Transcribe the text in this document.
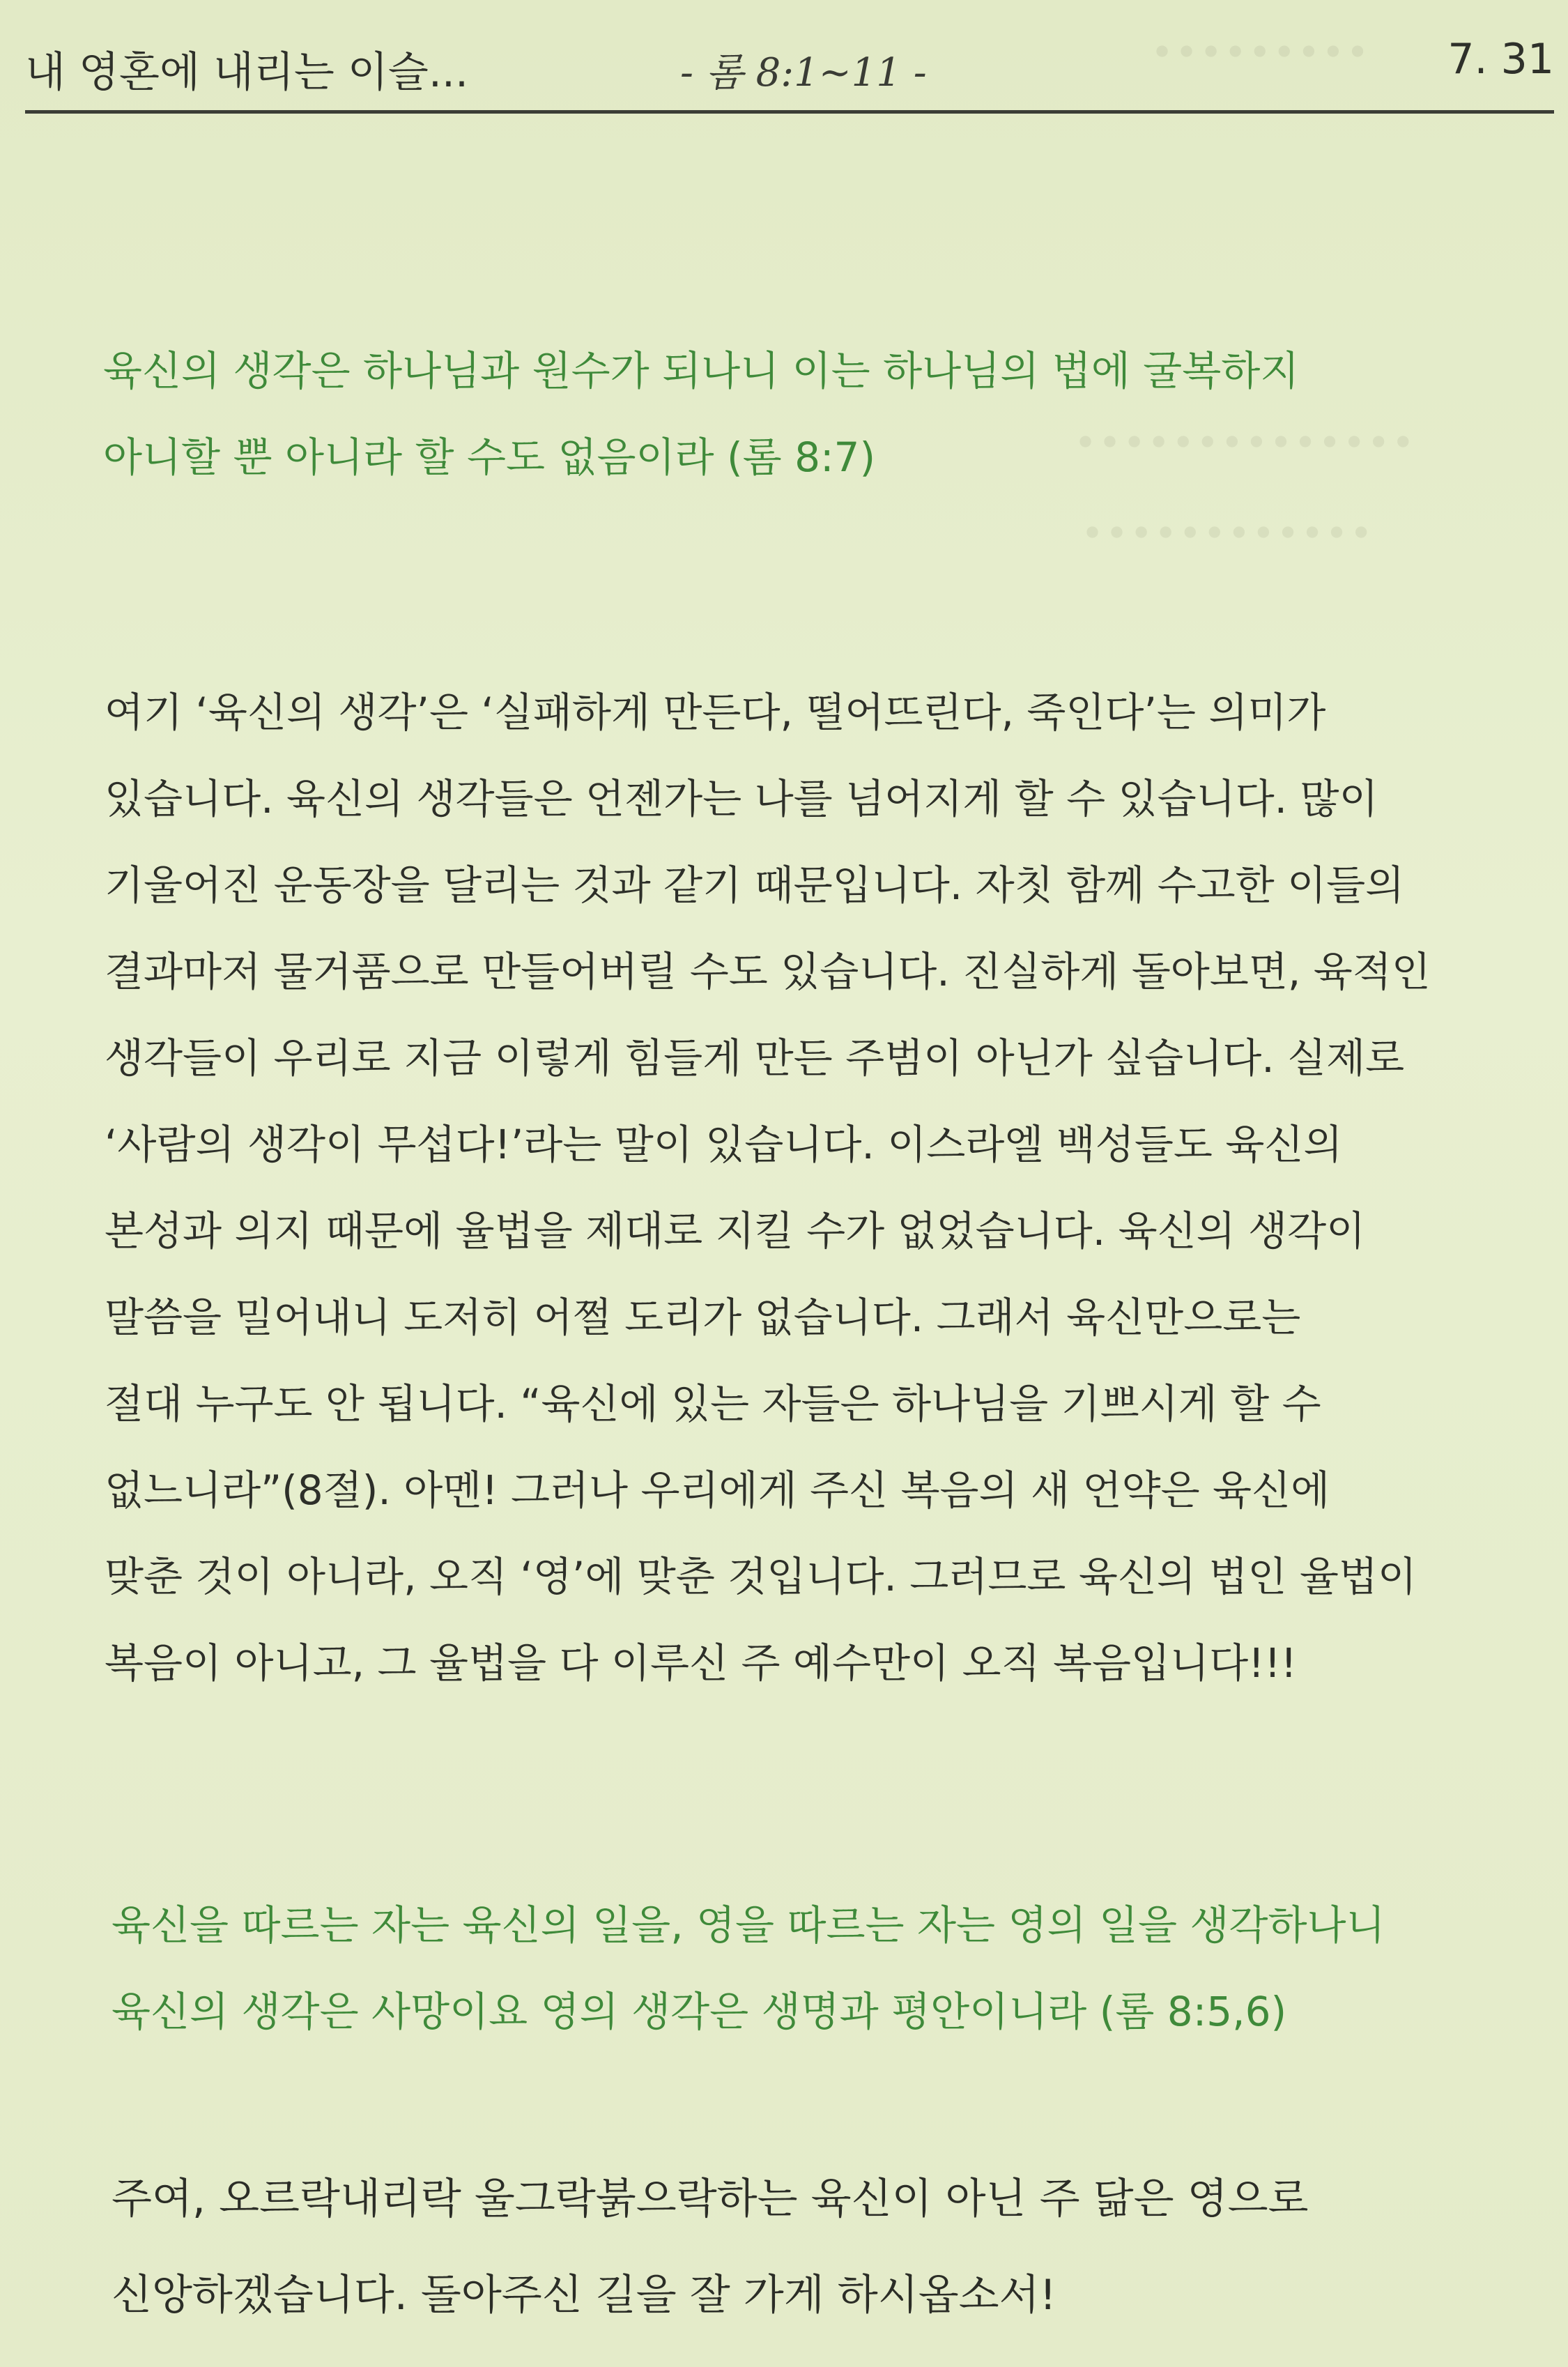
∙∙∙∙∙∙∙∙∙
∙∙∙∙∙∙∙∙∙∙∙∙∙∙
∙∙∙∙∙∙∙∙∙∙∙∙
내 영혼에 내리는 이슬...	- 롬 8:1~11 -	7. 31
육신의 생각은 하나님과 원수가 되나니 이는 하나님의 법에 굴복하지
아니할 뿐 아니라 할 수도 없음이라 (롬 8:7)
여기 ‘육신의 생각’은 ‘실패하게 만든다, 떨어뜨린다, 죽인다’는 의미가
있습니다. 육신의 생각들은 언젠가는 나를 넘어지게 할 수 있습니다. 많이
기울어진 운동장을 달리는 것과 같기 때문입니다. 자칫 함께 수고한 이들의
결과마저 물거품으로 만들어버릴 수도 있습니다. 진실하게 돌아보면, 육적인
생각들이 우리로 지금 이렇게 힘들게 만든 주범이 아닌가 싶습니다. 실제로
‘사람의 생각이 무섭다!’라는 말이 있습니다. 이스라엘 백성들도 육신의
본성과 의지 때문에 율법을 제대로 지킬 수가 없었습니다. 육신의 생각이
말씀을 밀어내니 도저히 어쩔 도리가 없습니다. 그래서 육신만으로는
절대 누구도 안 됩니다. “육신에 있는 자들은 하나님을 기쁘시게 할 수
없느니라”(8절). 아멘! 그러나 우리에게 주신 복음의 새 언약은 육신에
맞춘 것이 아니라, 오직 ‘영’에 맞춘 것입니다. 그러므로 육신의 법인 율법이
복음이 아니고, 그 율법을 다 이루신 주 예수만이 오직 복음입니다!!!
육신을 따르는 자는 육신의 일을, 영을 따르는 자는 영의 일을 생각하나니
육신의 생각은 사망이요 영의 생각은 생명과 평안이니라 (롬 8:5,6)
주여, 오르락내리락 울그락붉으락하는 육신이 아닌 주 닮은 영으로
신앙하겠습니다. 돌아주신 길을 잘 가게 하시옵소서!
